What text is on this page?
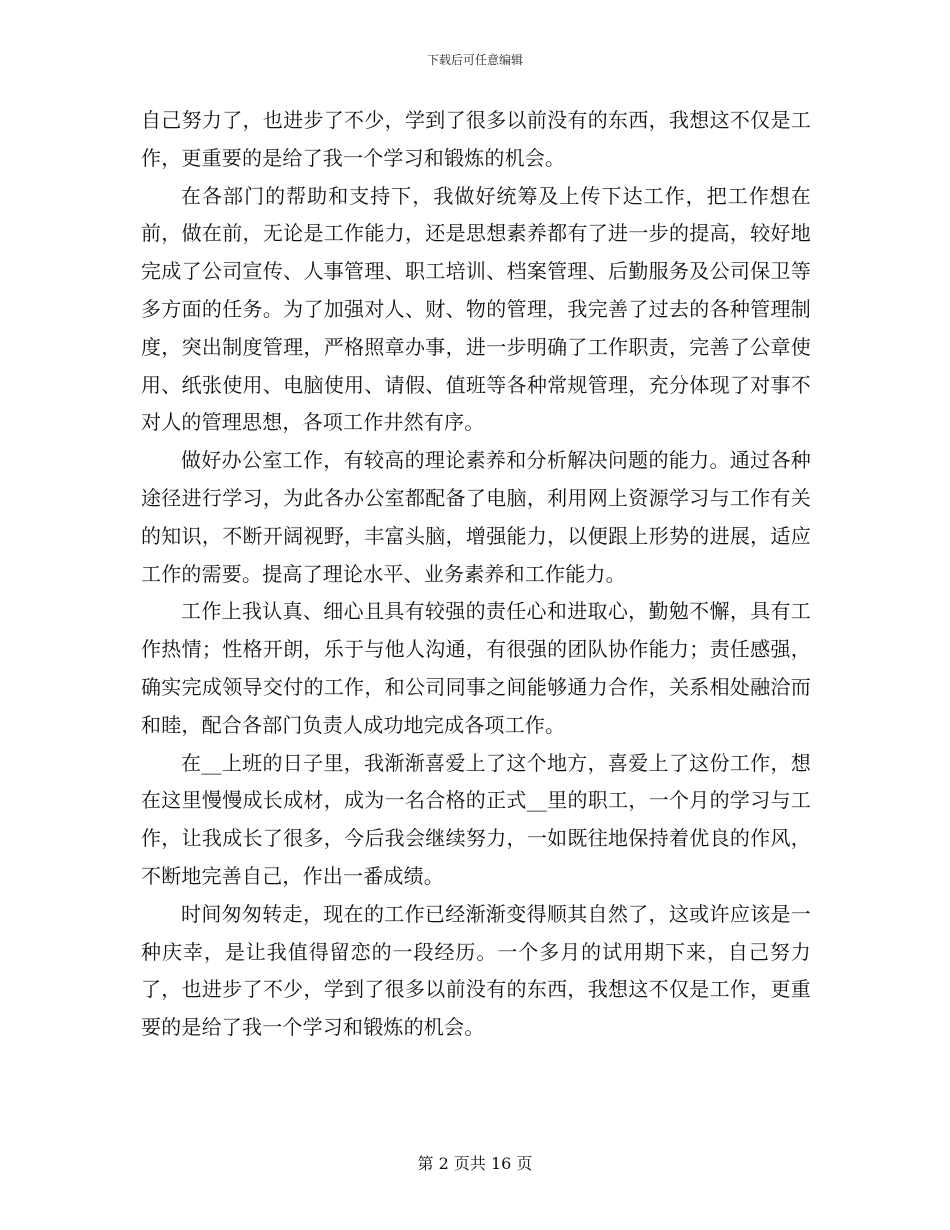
下载后可任意编辑

自己努力了，也进步了不少，学到了很多以前没有的东西，我想这不仅是工作，更重要的是给了我一个学习和锻炼的机会。

在各部门的帮助和支持下，我做好统筹及上传下达工作，把工作想在前，做在前，无论是工作能力，还是思想素养都有了进一步的提高，较好地完成了公司宣传、人事管理、职工培训、档案管理、后勤服务及公司保卫等多方面的任务。为了加强对人、财、物的管理，我完善了过去的各种管理制度，突出制度管理，严格照章办事，进一步明确了工作职责，完善了公章使用、纸张使用、电脑使用、请假、值班等各种常规管理，充分体现了对事不对人的管理思想，各项工作井然有序。

做好办公室工作，有较高的理论素养和分析解决问题的能力。通过各种途径进行学习，为此各办公室都配备了电脑，利用网上资源学习与工作有关的知识，不断开阔视野，丰富头脑，增强能力，以便跟上形势的进展，适应工作的需要。提高了理论水平、业务素养和工作能力。

工作上我认真、细心且具有较强的责任心和进取心，勤勉不懈，具有工作热情；性格开朗，乐于与他人沟通，有很强的团队协作能力；责任感强，确实完成领导交付的工作，和公司同事之间能够通力合作，关系相处融洽而和睦，配合各部门负责人成功地完成各项工作。

在__上班的日子里，我渐渐喜爱上了这个地方，喜爱上了这份工作，想在这里慢慢成长成材，成为一名合格的正式__里的职工，一个月的学习与工作，让我成长了很多，今后我会继续努力，一如既往地保持着优良的作风，不断地完善自己，作出一番成绩。

时间匆匆转走，现在的工作已经渐渐变得顺其自然了，这或许应该是一种庆幸，是让我值得留恋的一段经历。一个多月的试用期下来，自己努力了，也进步了不少，学到了很多以前没有的东西，我想这不仅是工作，更重要的是给了我一个学习和锻炼的机会。

第 2 页共 16 页
